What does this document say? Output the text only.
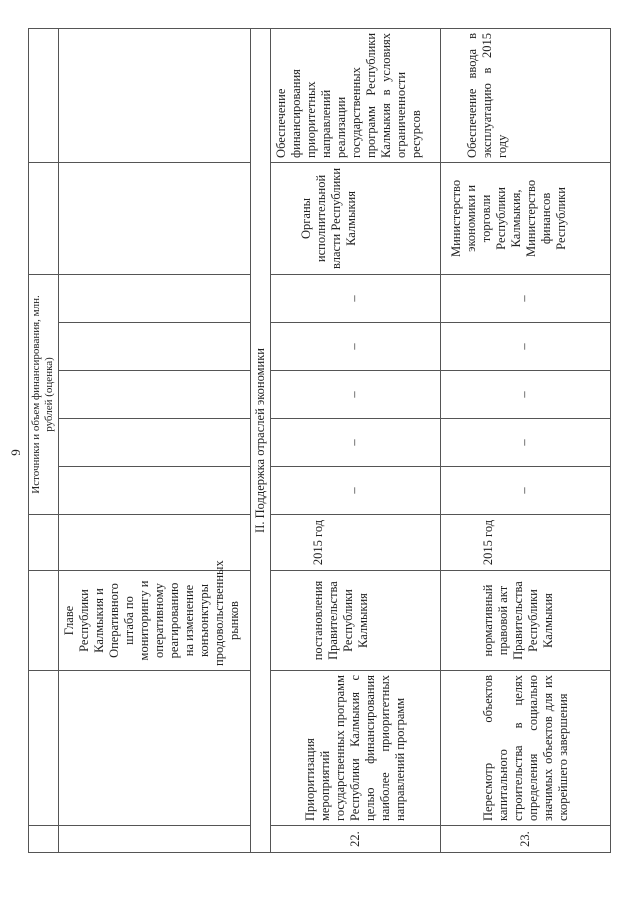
9
				Источники и объем финансирования, млн. рублей (оценка)						
		Главе Республики Калмыкия и Оперативного штаба по мониторингу и оперативному реагированию на изменение конъюнктуры продовольственных рынков								
II. Поддержка отраслей экономики										
22.	Приоритизация мероприятий государственных программ Республики Калмыкия с целью финансирования наиболее приоритетных направлений программ	постановления Правительства Республики Калмыкия	2015 год	–	–	–	–	–	Органы исполнительной власти Республики Калмыкия	Обеспечение финансирования приоритетных направлений реализации государственных программ Республики Калмыкия в условиях ограниченности ресурсов
23.	Пересмотр объектов капитального строительства в целях определения социально значимых объектов для их скорейшего завершения	нормативный правовой акт Правительства Республики Калмыкия	2015 год	–	–	–	–	–	Министерство экономики и торговли Республики Калмыкия, Министерство финансов Республики	Обеспечение ввода в эксплуатацию в 2015 году
